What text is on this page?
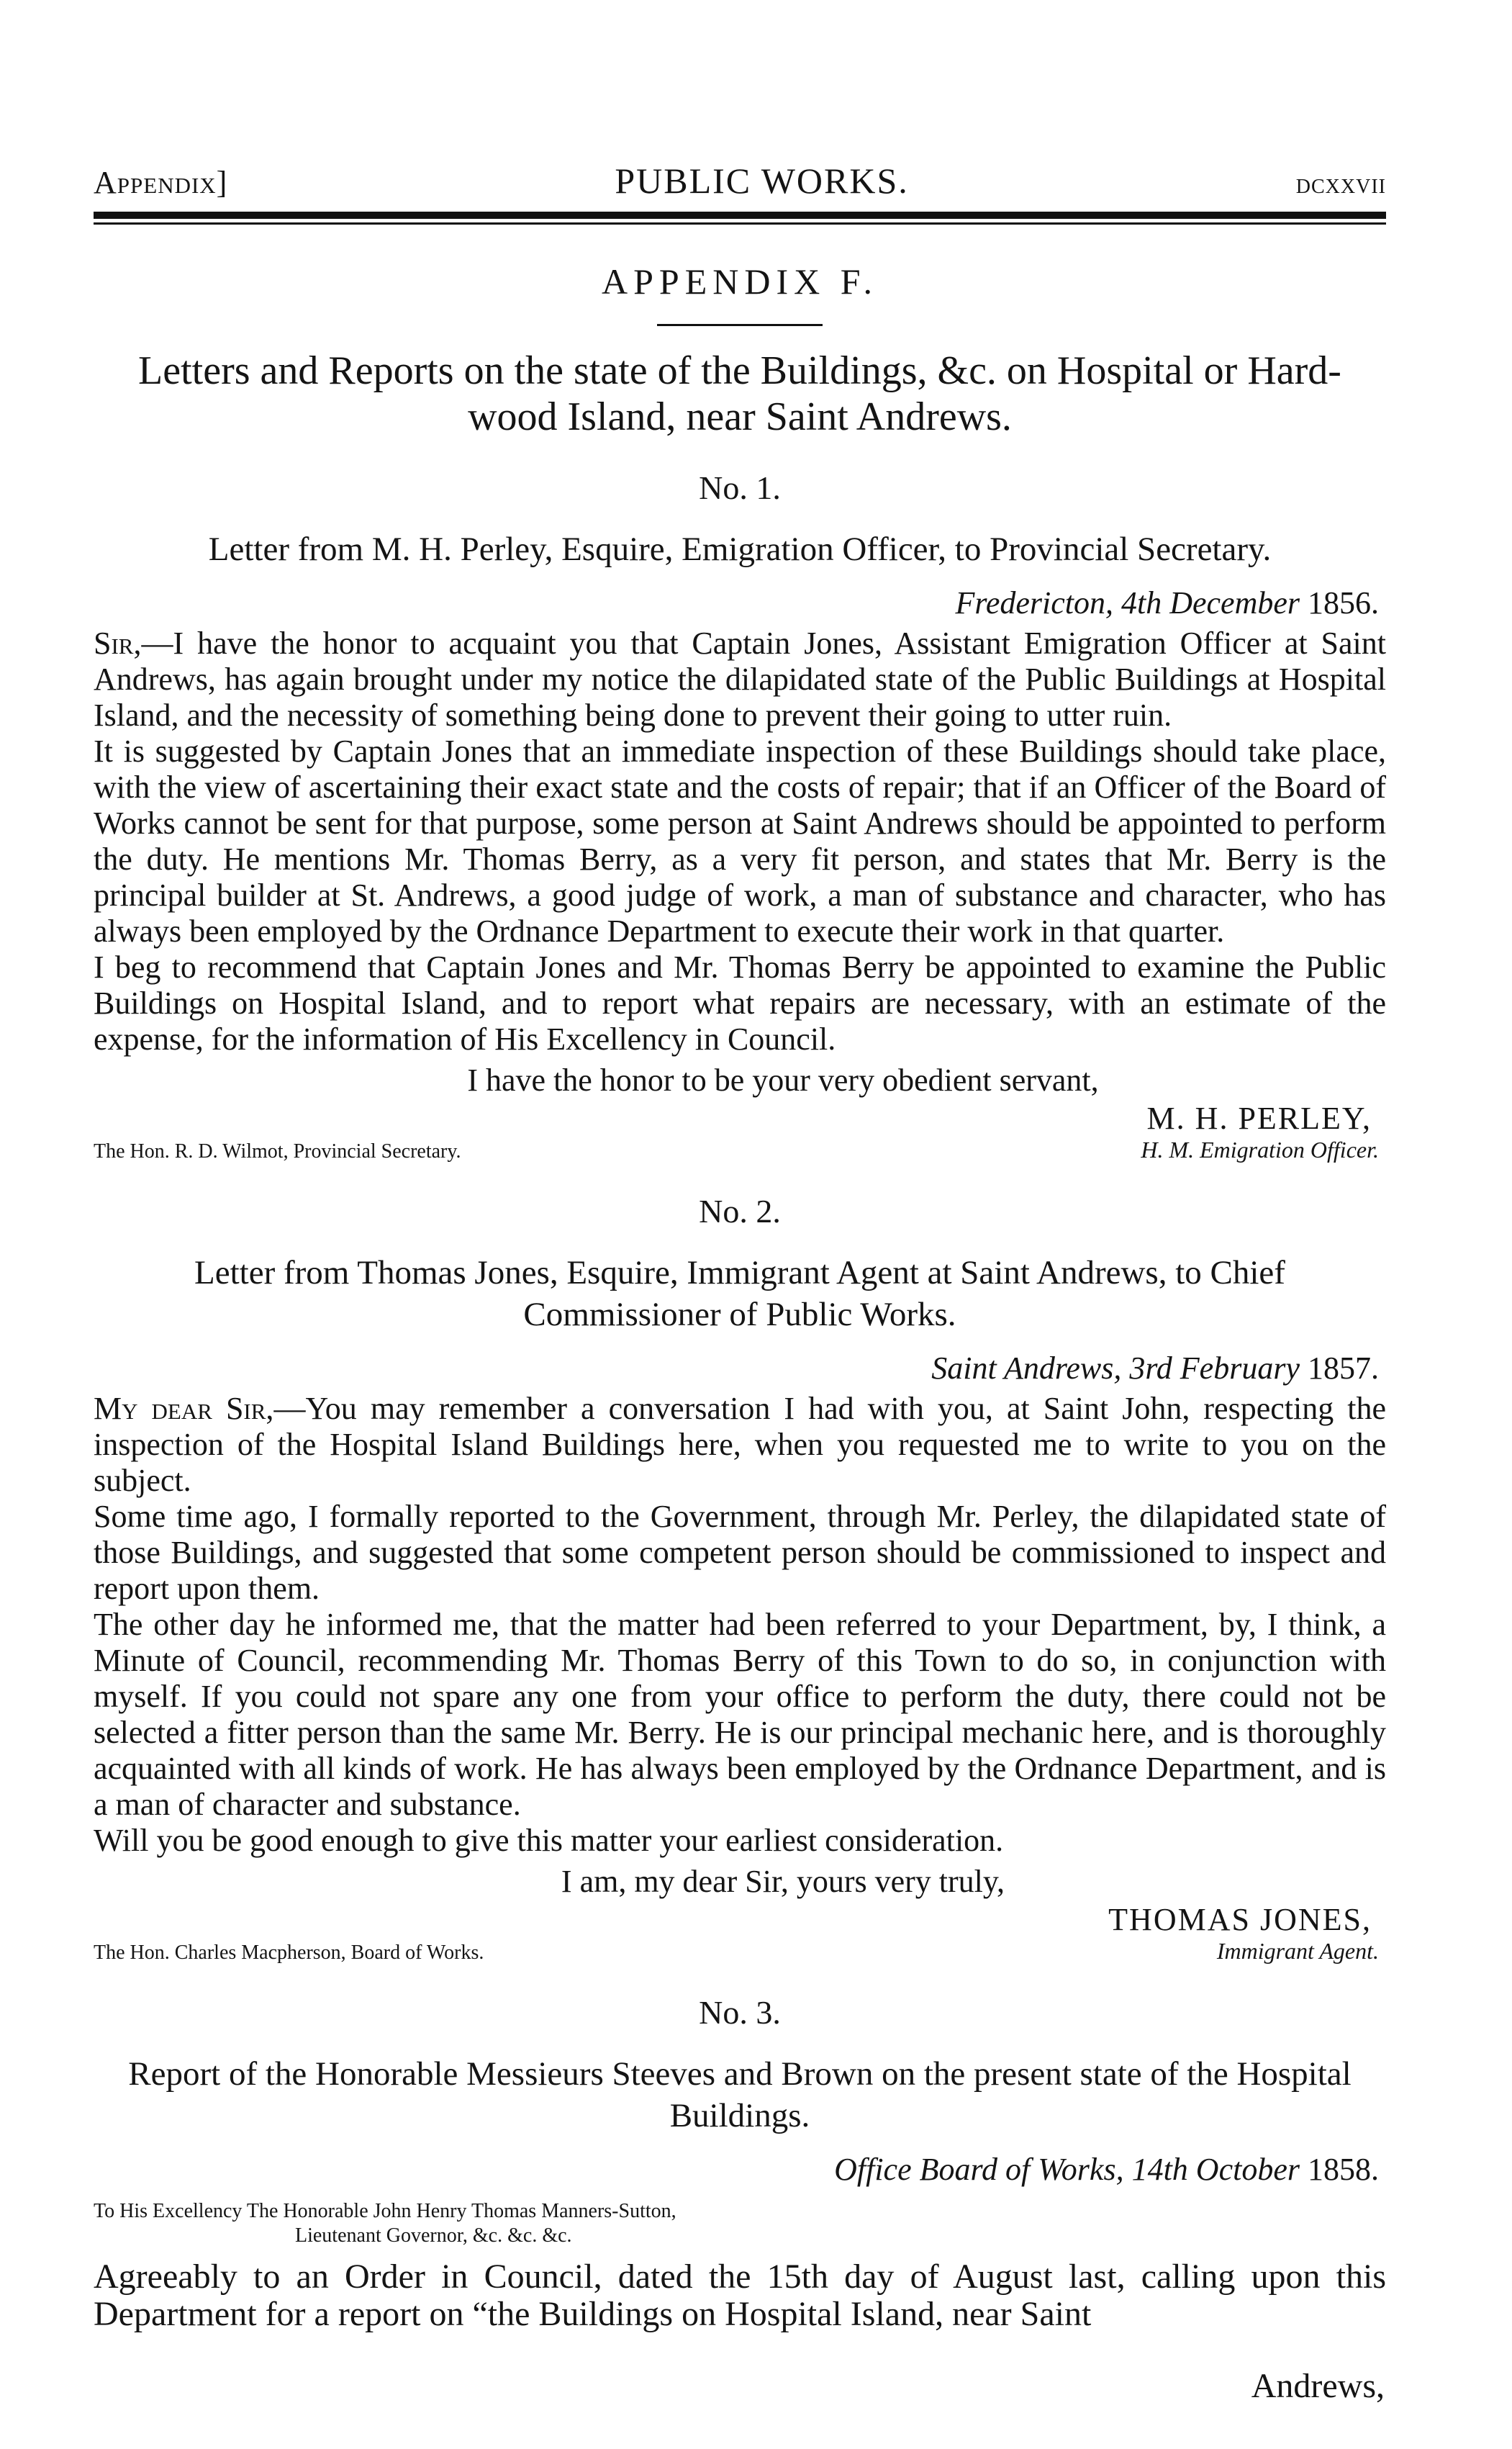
Appendix]	PUBLIC WORKS.	dcxxvii
APPENDIX F.
Letters and Reports on the state of the Buildings, &c. on Hospital or Hard-wood Island, near Saint Andrews.
No. 1.
Letter from M. H. Perley, Esquire, Emigration Officer, to Provincial Secretary.
Fredericton, 4th December 1856.

Sir,—I have the honor to acquaint you that Captain Jones, Assistant Emigration Officer at Saint Andrews, has again brought under my notice the dilapidated state of the Public Buildings at Hospital Island, and the necessity of something being done to prevent their going to utter ruin.

It is suggested by Captain Jones that an immediate inspection of these Buildings should take place, with the view of ascertaining their exact state and the costs of repair; that if an Officer of the Board of Works cannot be sent for that purpose, some person at Saint Andrews should be appointed to perform the duty. He mentions Mr. Thomas Berry, as a very fit person, and states that Mr. Berry is the principal builder at St. Andrews, a good judge of work, a man of substance and character, who has always been employed by the Ordnance Department to execute their work in that quarter.

I beg to recommend that Captain Jones and Mr. Thomas Berry be appointed to examine the Public Buildings on Hospital Island, and to report what repairs are necessary, with an estimate of the expense, for the information of His Excellency in Council.

I have the honor to be your very obedient servant,
M. H. PERLEY,
The Hon. R. D. Wilmot, Provincial Secretary.	H. M. Emigration Officer.
No. 2.
Letter from Thomas Jones, Esquire, Immigrant Agent at Saint Andrews, to Chief Commissioner of Public Works.
Saint Andrews, 3rd February 1857.

My dear Sir,—You may remember a conversation I had with you, at Saint John, respecting the inspection of the Hospital Island Buildings here, when you requested me to write to you on the subject.

Some time ago, I formally reported to the Government, through Mr. Perley, the dilapidated state of those Buildings, and suggested that some competent person should be commissioned to inspect and report upon them.

The other day he informed me, that the matter had been referred to your Department, by, I think, a Minute of Council, recommending Mr. Thomas Berry of this Town to do so, in conjunction with myself. If you could not spare any one from your office to perform the duty, there could not be selected a fitter person than the same Mr. Berry. He is our principal mechanic here, and is thoroughly acquainted with all kinds of work. He has always been employed by the Ordnance Department, and is a man of character and substance.

Will you be good enough to give this matter your earliest consideration.

I am, my dear Sir, yours very truly,
THOMAS JONES,
The Hon. Charles Macpherson, Board of Works.	Immigrant Agent.
No. 3.
Report of the Honorable Messieurs Steeves and Brown on the present state of the Hospital Buildings.
Office Board of Works, 14th October 1858.
To His Excellency The Honorable John Henry Thomas Manners-Sutton,
Lieutenant Governor, &c. &c. &c.

Agreeably to an Order in Council, dated the 15th day of August last, calling upon this Department for a report on “the Buildings on Hospital Island, near Saint

Andrews,
